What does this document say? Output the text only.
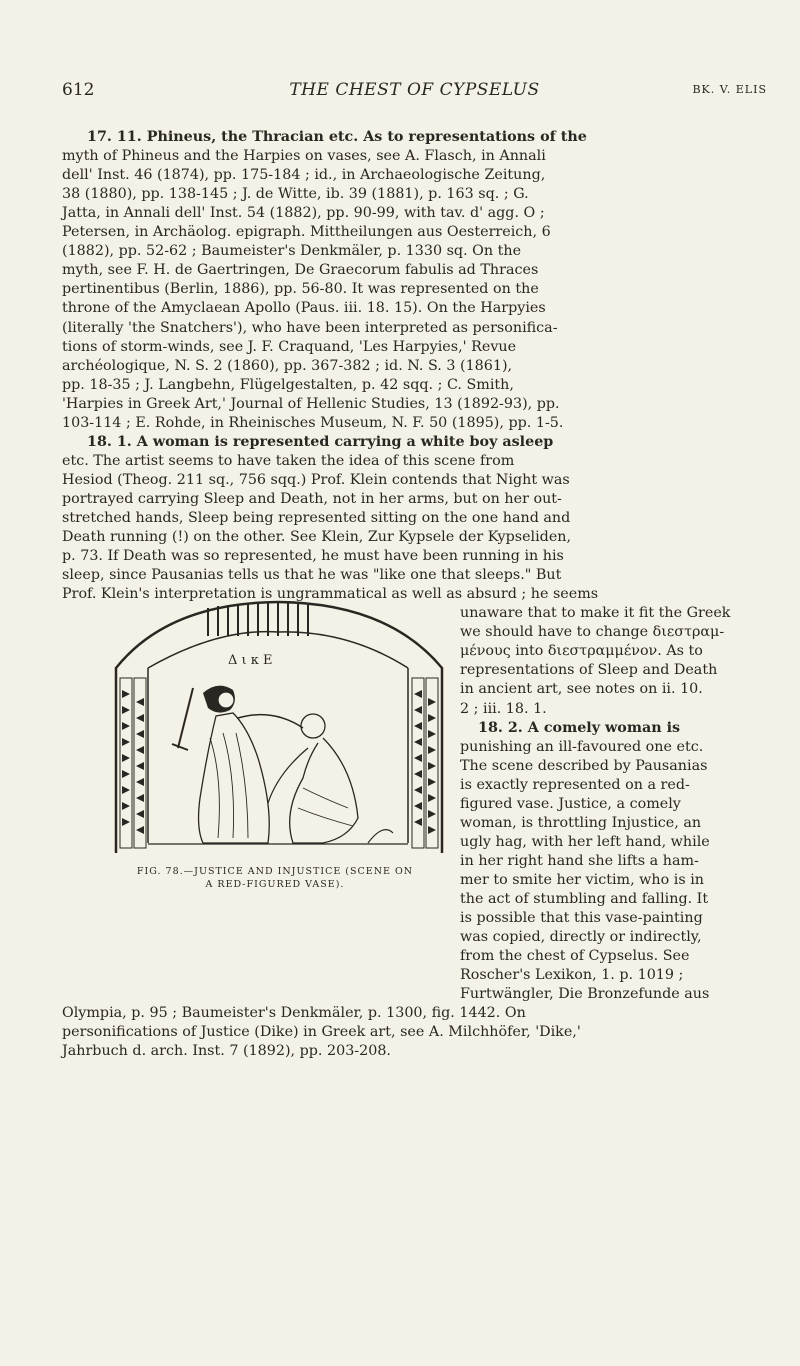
612	THE CHEST OF CYPSELUS	BK. V. ELIS
17. 11. Phineus, the Thracian etc. As to representations of the
myth of Phineus and the Harpies on vases, see A. Flasch, in Annali
dell' Inst. 46 (1874), pp. 175-184 ; id., in Archaeologische Zeitung,
38 (1880), pp. 138-145 ; J. de Witte, ib. 39 (1881), p. 163 sq. ; G.
Jatta, in Annali dell' Inst. 54 (1882), pp. 90-99, with tav. d' agg. O ;
Petersen, in Archäolog. epigraph. Mittheilungen aus Oesterreich, 6
(1882), pp. 52-62 ; Baumeister's Denkmäler, p. 1330 sq. On the
myth, see F. H. de Gaertringen, De Graecorum fabulis ad Thraces
pertinentibus (Berlin, 1886), pp. 56-80. It was represented on the
throne of the Amyclaean Apollo (Paus. iii. 18. 15). On the Harpyies
(literally 'the Snatchers'), who have been interpreted as personifica-
tions of storm-winds, see J. F. Craquand, 'Les Harpyies,' Revue
archéologique, N. S. 2 (1860), pp. 367-382 ; id. N. S. 3 (1861),
pp. 18-35 ; J. Langbehn, Flügelgestalten, p. 42 sqq. ; C. Smith,
'Harpies in Greek Art,' Journal of Hellenic Studies, 13 (1892-93), pp.
103-114 ; E. Rohde, in Rheinisches Museum, N. F. 50 (1895), pp. 1-5.
18. 1. A woman is represented carrying a white boy asleep
etc. The artist seems to have taken the idea of this scene from
Hesiod (Theog. 211 sq., 756 sqq.) Prof. Klein contends that Night was
portrayed carrying Sleep and Death, not in her arms, but on her out-
stretched hands, Sleep being represented sitting on the one hand and
Death running (!) on the other. See Klein, Zur Kypsele der Kypseliden,
p. 73. If Death was so represented, he must have been running in his
sleep, since Pausanias tells us that he was "like one that sleeps." But
Prof. Klein's interpretation is ungrammatical as well as absurd ; he seems
unaware that to make it fit the Greek
we should have to change διεστραμ-
μένους into διεστραμμένον. As to
representations of Sleep and Death
in ancient art, see notes on ii. 10.
2 ; iii. 18. 1.
18. 2. A comely woman is
punishing an ill-favoured one etc.
The scene described by Pausanias
is exactly represented on a red-
figured vase. Justice, a comely
woman, is throttling Injustice, an
ugly hag, with her left hand, while
in her right hand she lifts a ham-
mer to smite her victim, who is in
the act of stumbling and falling. It
is possible that this vase-painting
was copied, directly or indirectly,
from the chest of Cypselus. See
Roscher's Lexikon, 1. p. 1019 ;
Furtwängler, Die Bronzefunde aus
Olympia, p. 95 ; Baumeister's Denkmäler, p. 1300, fig. 1442. On
personifications of Justice (Dike) in Greek art, see A. Milchhöfer, 'Dike,'
Jahrbuch d. arch. Inst. 7 (1892), pp. 203-208.
Δ ι κ Ε
FIG. 78.—JUSTICE AND INJUSTICE (SCENE ON
A RED-FIGURED VASE).
